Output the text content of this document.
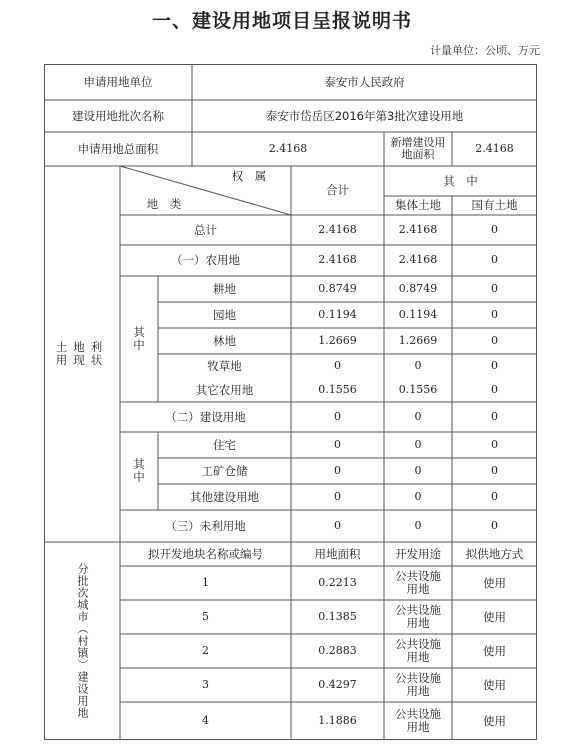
一、建设用地项目呈报说明书
计量单位：公顷、万元
申请用地单位	泰安市人民政府
建设用地批次名称	泰安市岱岳区2016年第3批次建设用地
申请用地总面积	2.4168	新增建设用地面积	2.4168
土地利用现状
权　属
地　类
合计
其　中
集体土地	国有土地
其中
其中
总计	2.4168	2.4168	0
（一）农用地	2.4168	2.4168	0
耕地	0.8749	0.8749	0
园地	0.1194	0.1194	0
林地	1.2669	1.2669	0
牧草地	0	0	0
其它农用地	0.1556	0.1556	0
（二）建设用地	0	0	0
住宅	0	0	0
工矿仓储	0	0	0
其他建设用地	0	0	0
（三）未利用地	0	0	0
分批次城市（村镇）建设用地
拟开发地块名称或编号	用地面积	开发用途	拟供地方式
1	0.2213	公共设施用地	使用
5	0.1385	公共设施用地	使用
2	0.2883	公共设施用地	使用
3	0.4297	公共设施用地	使用
4	1.1886	公共设施用地	使用
